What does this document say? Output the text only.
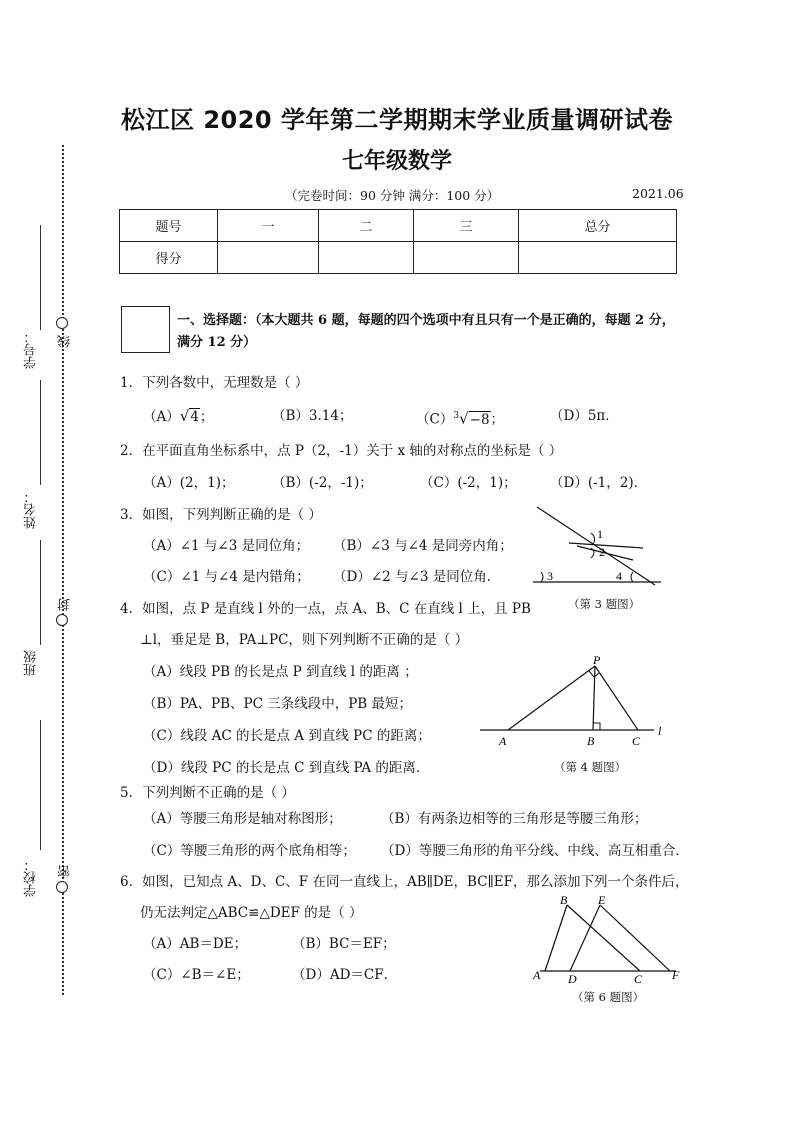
学号：
姓名：
班级
学校：
线
封
密
松江区 2020 学年第二学期期末学业质量调研试卷
七年级数学
（完卷时间：90 分钟 满分：100 分）	2021.06
题号	一	二	三	总分
得分				
一、选择题：（本大题共 6 题，每题的四个选项中有且只有一个是正确的，每题 2 分，满分 12 分）
1．下列各数中，无理数是（ ）
（A）√4；	（B）3.14；	$(C)^3√-8$；	（D）5π．
2．在平面直角坐标系中，点 P（2，-1）关于 x 轴的对称点的坐标是（ ）
（A）(2，1)；	（B）(-2，-1)；	（C）(-2，1)； （D）(-1，2)．
3．如图，下列判断正确的是（ ）
（A）∠1 与∠3 是同位角； （B）∠3 与∠4 是同旁内角；
（C）∠1 与∠4 是内错角； （D）∠2 与∠3 是同位角．
1
2
3	4
（第 3 题图）
4．如图，点 P 是直线 l 外的一点，点 A、B、C 在直线 l 上，且 PB
⊥l，垂足是 B，PA⊥PC，则下列判断不正确的是（ ）
（A）线段 PB 的长是点 P 到直线 l 的距离 ；
（B）PA、PB、PC 三条线段中，PB 最短；
（C）线段 AC 的长是点 A 到直线 PC 的距离；
（D）线段 PC 的长是点 C 到直线 PA 的距离．
P
A	B	C
l
（第 4 题图）
5．下列判断不正确的是（ ）
（A）等腰三角形是轴对称图形；	（B）有两条边相等的三角形是等腰三角形；
（C）等腰三角形的两个底角相等； （D）等腰三角形的角平分线、中线、高互相重合．
6．如图，已知点 A、D、C、F 在同一直线上，AB∥DE，BC∥EF，那么添加下列一个条件后，
仍无法判定△ABC≌△DEF 的是（ ）
（A）AB＝DE；	（B）BC＝EF；
（C）∠B＝∠E；	（D）AD＝CF．
B	E
A D	C F
（第 6 题图）
